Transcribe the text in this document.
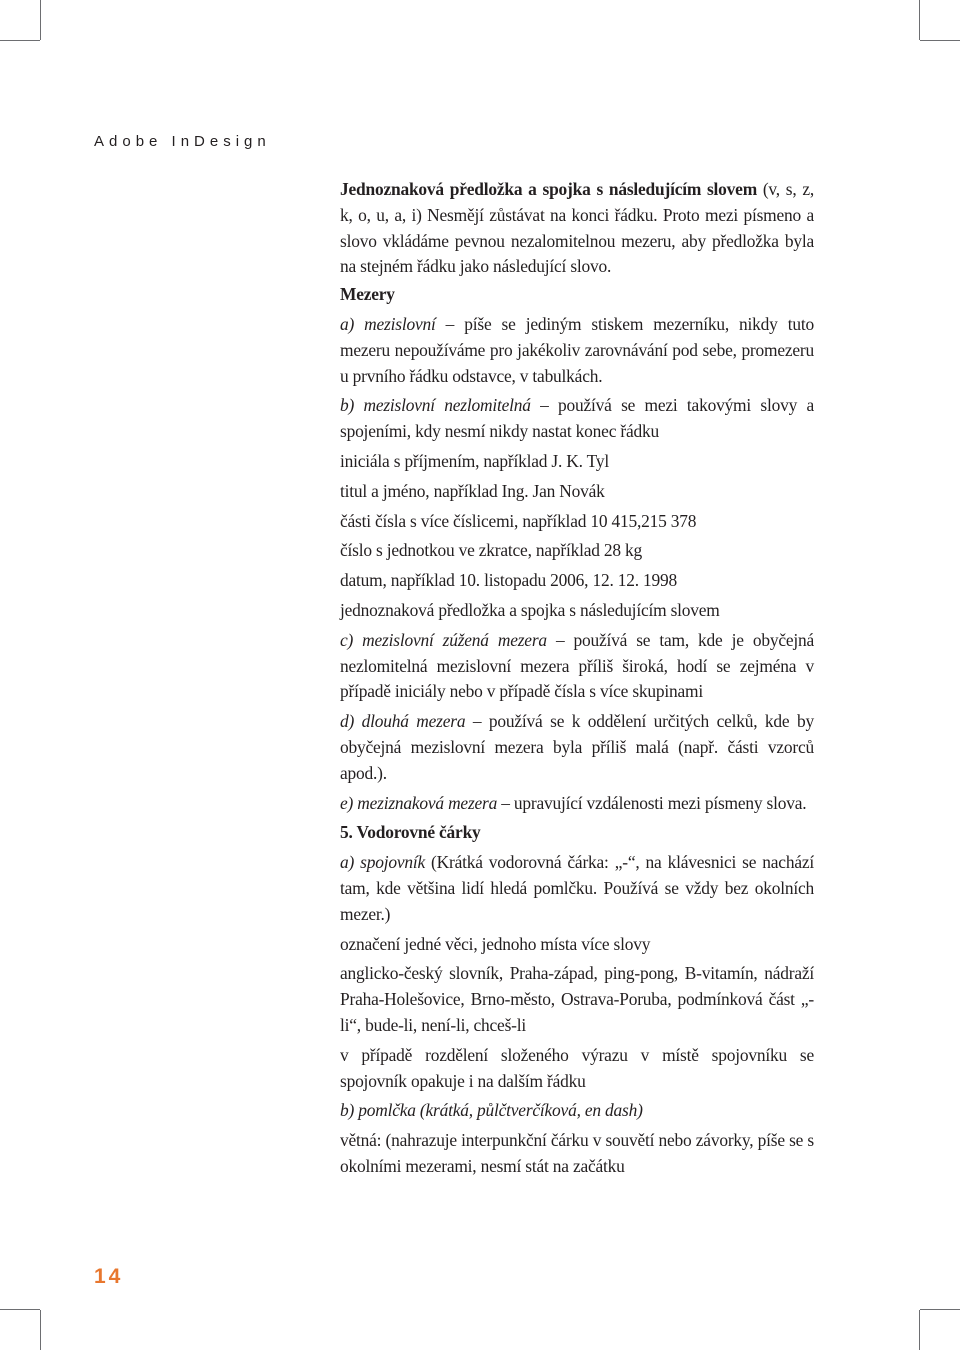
Adobe InDesign
14
Jednoznaková předložka a spojka s následujícím slovem (v, s, z, k, o, u, a, i) Nesmějí zůstávat na konci řádku. Proto mezi písmeno a slovo vkládáme pevnou nezalomitelnou mezeru, aby předložka byla na stejném řádku jako následující slovo.
Mezery
a) mezislovní – píše se jediným stiskem mezerníku, nikdy tuto mezeru nepoužíváme pro jakékoliv zarovnávání pod sebe, promezeru u prvního řádku odstavce, v tabulkách.
b) mezislovní nezlomitelná – používá se mezi takovými slovy a spojeními, kdy nesmí nikdy nastat konec řádku
iniciála s příjmením, například J. K. Tyl
titul a jméno, například Ing. Jan Novák
části čísla s více číslicemi, například 10 415,215 378
číslo s jednotkou ve zkratce, například 28 kg
datum, například 10. listopadu 2006, 12. 12. 1998
jednoznaková předložka a spojka s následujícím slovem
c) mezislovní zúžená mezera – používá se tam, kde je obyčejná nezlomitelná mezislovní mezera příliš široká, hodí se zejména v případě iniciály nebo v případě čísla s více skupinami
d) dlouhá mezera – používá se k oddělení určitých celků, kde by obyčejná mezislovní mezera byla příliš malá (např. části vzorců apod.).
e) meziznaková mezera – upravující vzdálenosti mezi písmeny slova.
5. Vodorovné čárky
a) spojovník (Krátká vodorovná čárka: „-“, na klávesnici se nachází tam, kde většina lidí hledá pomlčku. Používá se vždy bez okolních mezer.)
označení jedné věci, jednoho místa více slovy
anglicko-český slovník, Praha-západ, ping-pong, B-vitamín, nádraží Praha-Holešovice, Brno-město, Ostrava-Poruba, podmínková část „-li“, bude-li, není-li, chceš-li
v případě rozdělení složeného výrazu v místě spojovníku se spojovník opakuje i na dalším řádku
b) pomlčka (krátká, půlčtverčíková, en dash)
větná: (nahrazuje interpunkční čárku v souvětí nebo závorky, píše se s okolními mezerami, nesmí stát na začátku
